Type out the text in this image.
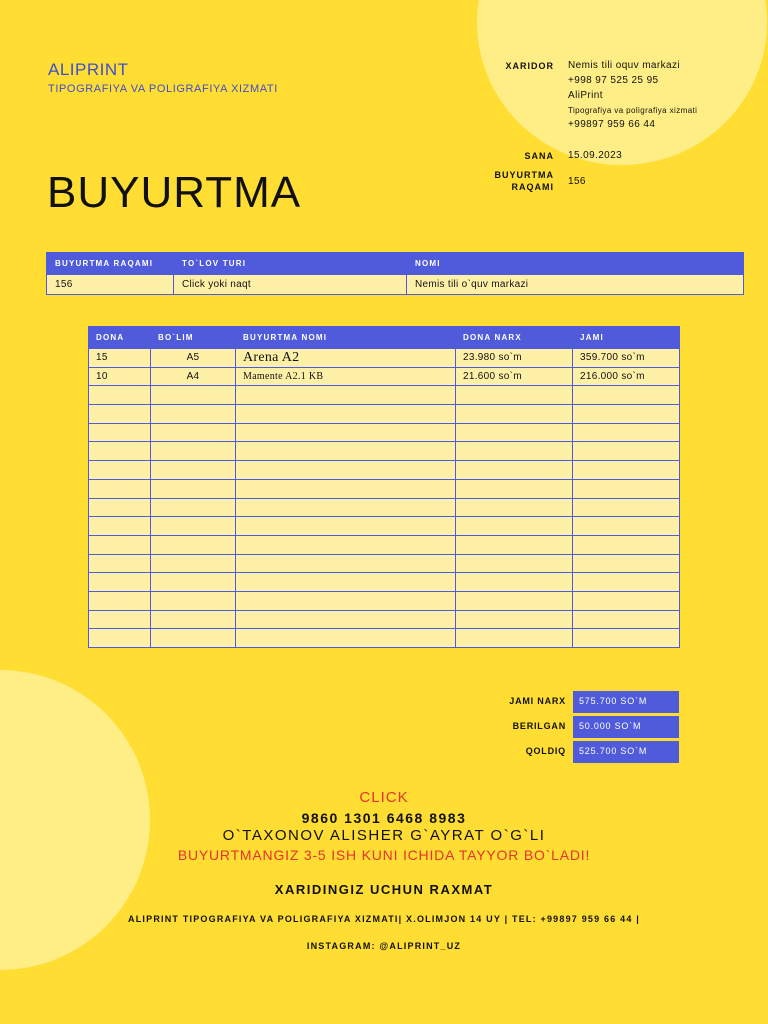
ALIPRINT
TIPOGRAFIYA VA POLIGRAFIYA XIZMATI
BUYURTMA
XARIDOR Nemis tili oquv markazi
+998 97 525 25 95
AliPrint
Tipografiya va poligrafiya xizmati
+99897 959 66 44
SANA 15.09.2023
BUYURTMA
RAQAMI 156
BUYURTMA RAQAMI	TO`LOV TURI	NOMI
156	Click yoki naqt	Nemis tili o`quv markazi
DONA	BO`LIM	BUYURTMA NOMI	DONA NARX	JAMI
15	A5	Arena A2	23.980 so`m	359.700 so`m
10	A4	Mamente A2.1 KB	21.600 so`m	216.000 so`m

JAMI NARX	575.700 SO`M
BERILGAN	50.000 SO`M
QOLDIQ	525.700 SO`M
CLICK
9860 1301 6468 8983
O`TAXONOV ALISHER G`AYRAT O`G`LI
BUYURTMANGIZ 3-5 ISH KUNI ICHIDA TAYYOR BO`LADI!
XARIDINGIZ UCHUN RAXMAT
ALIPRINT TIPOGRAFIYA VA POLIGRAFIYA XIZMATI| X.OLIMJON 14 UY | TEL: +99897 959 66 44 |
INSTAGRAM: @ALIPRINT_UZ
